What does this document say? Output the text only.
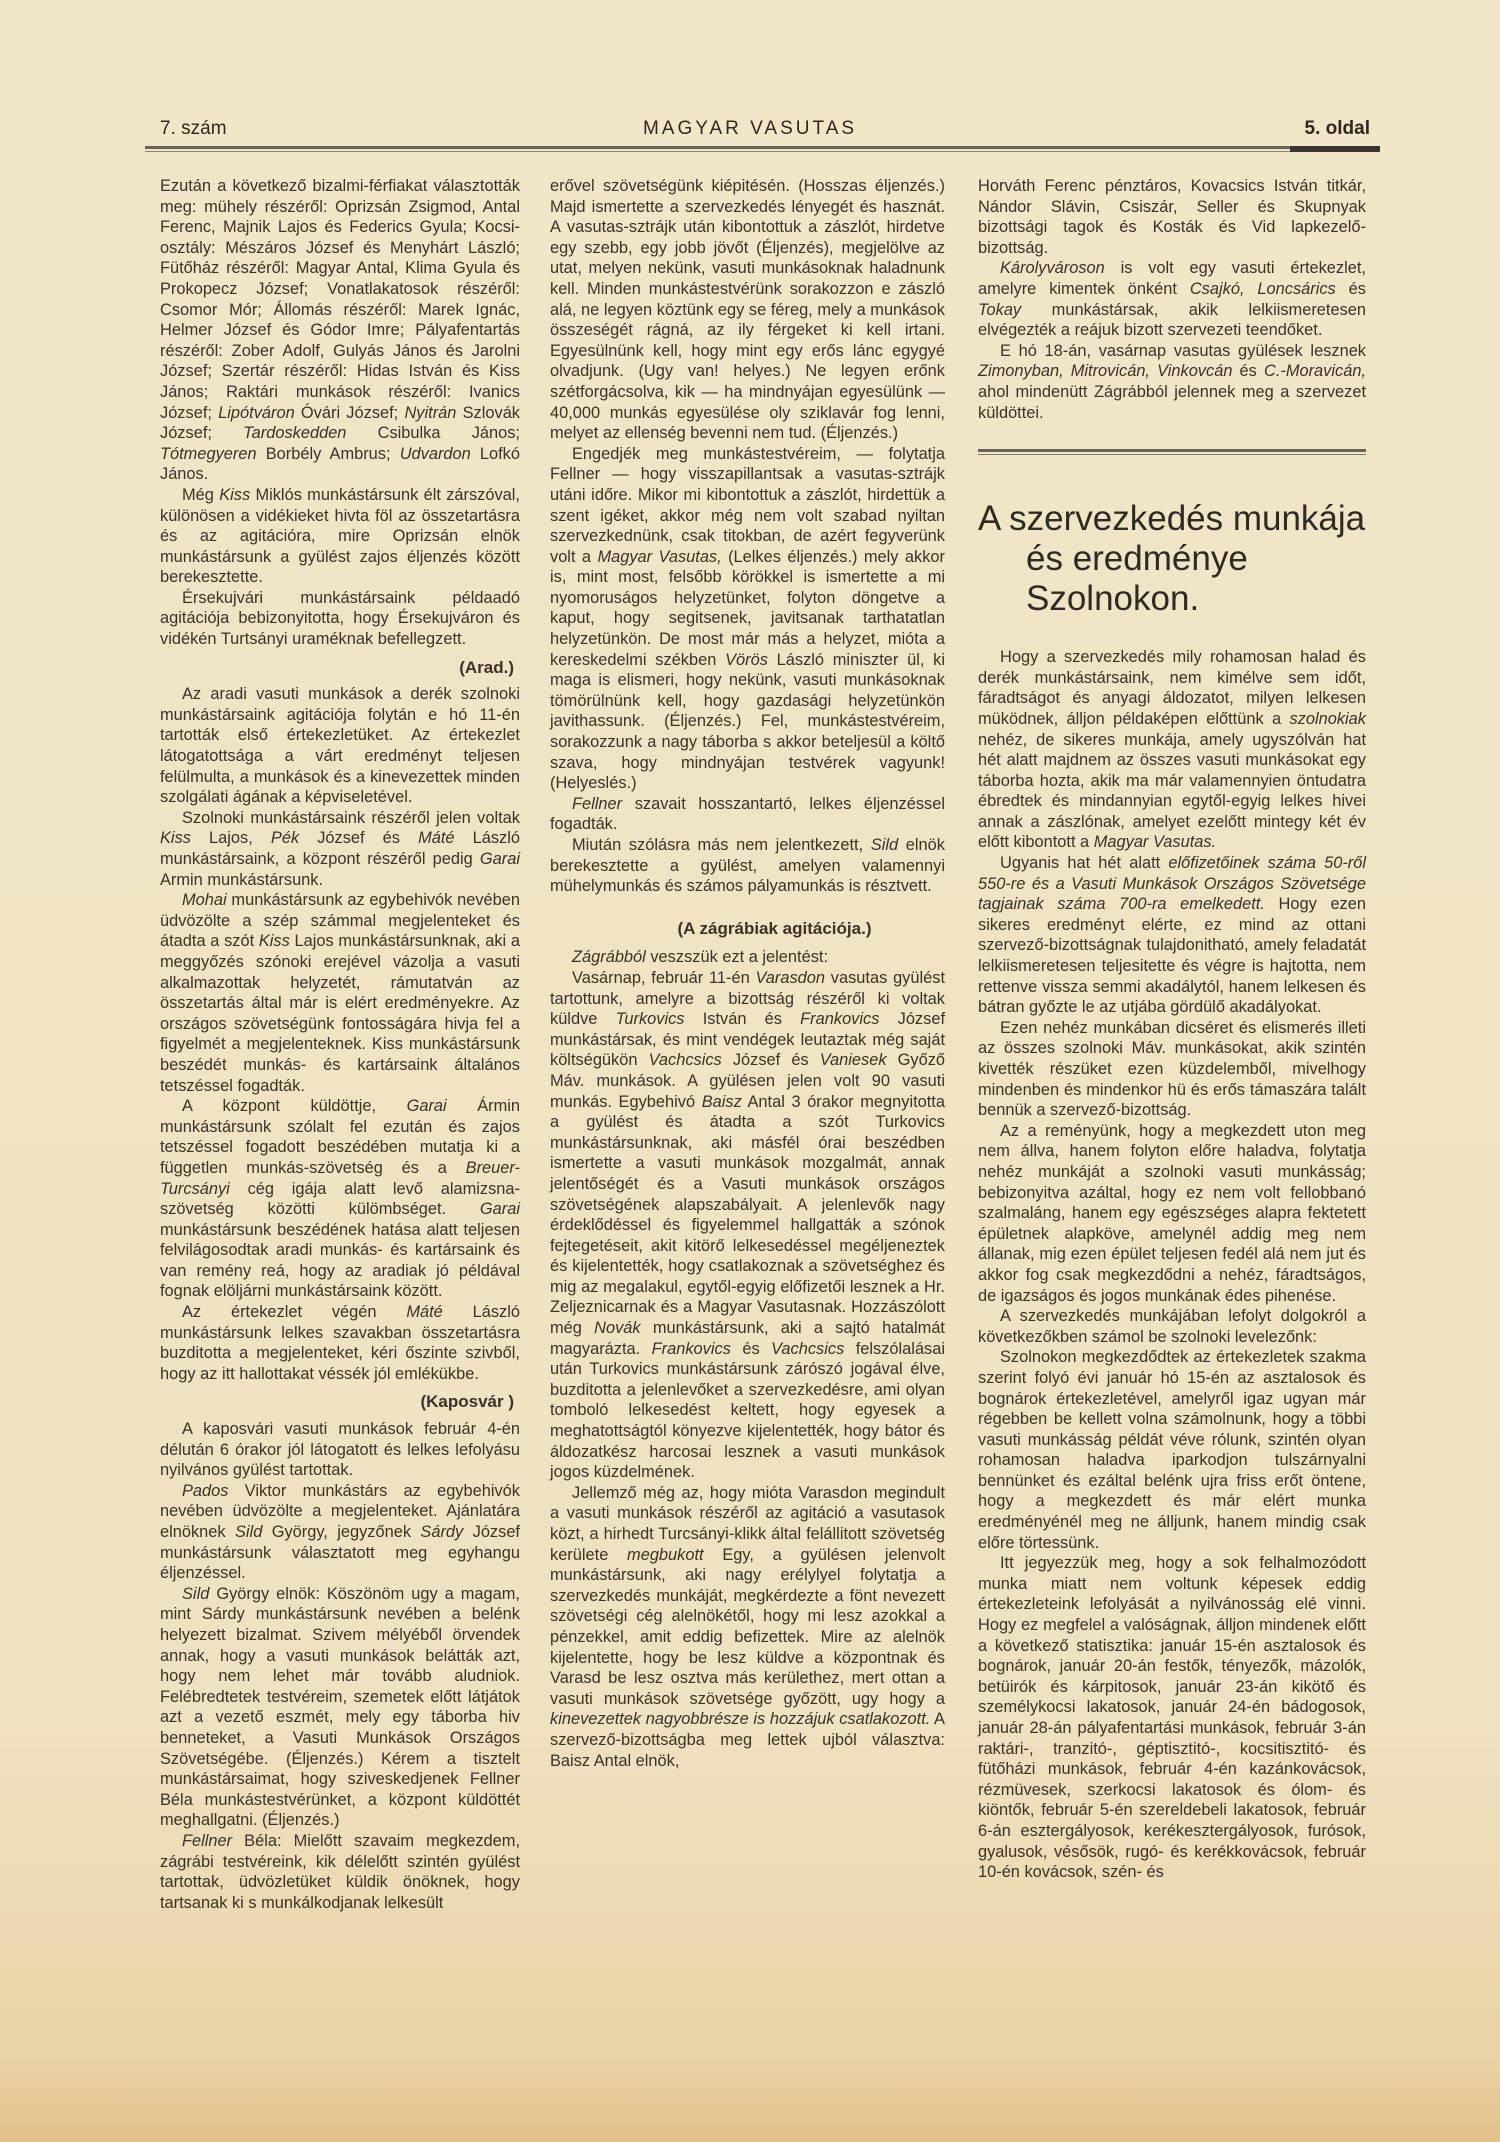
7. szám	MAGYAR VASUTAS	5. oldal

Ezután a következő bizalmi-férfiakat választották meg: mühely részéről: Oprizsán Zsigmod, Antal Ferenc, Majnik Lajos és Federics Gyula; Kocsi-osztály: Mészáros József és Menyhárt László; Fütőház részéről: Magyar Antal, Klima Gyula és Prokopecz József; Vonatlakatosok részéről: Csomor Mór; Állomás részéről: Marek Ignác, Helmer József és Gódor Imre; Pályafentartás részéről: Zober Adolf, Gulyás János és Jarolni József; Szertár részéről: Hidas István és Kiss János; Raktári munkások részéről: Ivanics József; Lipótváron Óvári József; Nyitrán Szlovák József; Tardoskedden Csibulka János; Tótmegyeren Borbély Ambrus; Udvardon Lofkó János.

Még Kiss Miklós munkástársunk élt zárszóval, különösen a vidékieket hivta föl az összetartásra és az agitációra, mire Oprizsán elnök munkástársunk a gyülést zajos éljenzés között berekesztette.

Érsekujvári munkástársaink példaadó agitációja bebizonyitotta, hogy Érsekujváron és vidékén Turtsányi uraméknak befellegzett.

(Arad.)

Az aradi vasuti munkások a derék szolnoki munkástársaink agitációja folytán e hó 11-én tartották első értekezletüket. Az értekezlet látogatottsága a várt eredményt teljesen felülmulta, a munkások és a kinevezettek minden szolgálati ágának a képviseletével.

Szolnoki munkástársaink részéről jelen voltak Kiss Lajos, Pék József és Máté László munkástársaink, a központ részéről pedig Garai Armin munkástársunk.

Mohai munkástársunk az egybehivók nevében üdvözölte a szép számmal megjelenteket és átadta a szót Kiss Lajos munkástársunknak, aki a meggyőzés szónoki erejével vázolja a vasuti alkalmazottak helyzetét, rámutatván az összetartás által már is elért eredményekre. Az országos szövetségünk fontosságára hivja fel a figyelmét a megjelenteknek. Kiss munkástársunk beszédét munkás- és kartársaink általános tetszéssel fogadták.

A központ küldöttje, Garai Ármin munkástársunk szólalt fel ezután és zajos tetszéssel fogadott beszédében mutatja ki a független munkás-szövetség és a Breuer-Turcsányi cég igája alatt levő alamizsna-szövetség közötti külömbséget. Garai munkástársunk beszédének hatása alatt teljesen felvilágosodtak aradi munkás- és kartársaink és van remény reá, hogy az aradiak jó példával fognak elöljárni munkástársaink között.

Az értekezlet végén Máté László munkástársunk lelkes szavakban összetartásra buzditotta a megjelenteket, kéri őszinte szivből, hogy az itt hallottakat véssék jól emlékükbe.

(Kaposvár )

A kaposvári vasuti munkások február 4-én délután 6 órakor jól látogatott és lelkes lefolyásu nyilvános gyülést tartottak.

Pados Viktor munkástárs az egybehivók nevében üdvözölte a megjelenteket. Ajánlatára elnöknek Sild György, jegyzőnek Sárdy József munkástársunk választatott meg egyhangu éljenzéssel.

Sild György elnök: Köszönöm ugy a magam, mint Sárdy munkástársunk nevében a belénk helyezett bizalmat. Szivem mélyéből örvendek annak, hogy a vasuti munkások belátták azt, hogy nem lehet már tovább aludniok. Felébredtetek testvéreim, szemetek előtt látjátok azt a vezető eszmét, mely egy táborba hiv benneteket, a Vasuti Munkások Országos Szövetségébe. (Éljenzés.) Kérem a tisztelt munkástársaimat, hogy sziveskedjenek Fellner Béla munkástestvérünket, a központ küldöttét meghallgatni. (Éljenzés.)

Fellner Béla: Mielőtt szavaim megkezdem, zágrábi testvéreink, kik délelőtt szintén gyülést tartottak, üdvözletüket küldik önöknek, hogy tartsanak ki s munkálkodjanak lelkesült

erővel szövetségünk kiépitésén. (Hosszas éljenzés.) Majd ismertette a szervezkedés lényegét és hasznát. A vasutas-sztrájk után kibontottuk a zászlót, hirdetve egy szebb, egy jobb jövőt (Éljenzés), megjelölve az utat, melyen nekünk, vasuti munkásoknak haladnunk kell. Minden munkástestvérünk sorakozzon e zászló alá, ne legyen köztünk egy se féreg, mely a munkások összeségét rágná, az ily férgeket ki kell irtani. Egyesülnünk kell, hogy mint egy erős lánc egygyé olvadjunk. (Ugy van! helyes.) Ne legyen erőnk szétforgácsolva, kik — ha mindnyájan egyesülünk — 40,000 munkás egyesülése oly sziklavár fog lenni, melyet az ellenség bevenni nem tud. (Éljenzés.)

Engedjék meg munkástestvéreim, — folytatja Fellner — hogy visszapillantsak a vasutas-sztrájk utáni időre. Mikor mi kibontottuk a zászlót, hirdettük a szent igéket, akkor még nem volt szabad nyiltan szervezkednünk, csak titokban, de azért fegyverünk volt a Magyar Vasutas, (Lelkes éljenzés.) mely akkor is, mint most, felsőbb körökkel is ismertette a mi nyomoruságos helyzetünket, folyton döngetve a kaput, hogy segitsenek, javitsanak tarthatatlan helyzetünkön. De most már más a helyzet, mióta a kereskedelmi székben Vörös László miniszter ül, ki maga is elismeri, hogy nekünk, vasuti munkásoknak tömörülnünk kell, hogy gazdasági helyzetünkön javithassunk. (Éljenzés.) Fel, munkástestvéreim, sorakozzunk a nagy táborba s akkor beteljesül a költő szava, hogy mindnyájan testvérek vagyunk! (Helyeslés.)

Fellner szavait hosszantartó, lelkes éljenzéssel fogadták.

Miután szólásra más nem jelentkezett, Sild elnök berekesztette a gyülést, amelyen valamennyi mühelymunkás és számos pályamunkás is résztvett.

(A zágrábiak agitációja.)

Zágrábból veszszük ezt a jelentést:

Vasárnap, február 11-én Varasdon vasutas gyülést tartottunk, amelyre a bizottság részéről ki voltak küldve Turkovics István és Frankovics József munkástársak, és mint vendégek leutaztak még saját költségükön Vachcsics József és Vaniesek Győző Máv. munkások. A gyülésen jelen volt 90 vasuti munkás. Egybehivó Baisz Antal 3 órakor megnyitotta a gyülést és átadta a szót Turkovics munkástársunknak, aki másfél órai beszédben ismertette a vasuti munkások mozgalmát, annak jelentőségét és a Vasuti munkások országos szövetségének alapszabályait. A jelenlevők nagy érdeklődéssel és figyelemmel hallgatták a szónok fejtegetéseit, akit kitörő lelkesedéssel megéljeneztek és kijelentették, hogy csatlakoznak a szövetséghez és mig az megalakul, egytől-egyig előfizetői lesznek a Hr. Zeljeznicarnak és a Magyar Vasutasnak. Hozzászólott még Novák munkástársunk, aki a sajtó hatalmát magyarázta. Frankovics és Vachcsics felszólalásai után Turkovics munkástársunk zárószó jogával élve, buzditotta a jelenlevőket a szervezkedésre, ami olyan tomboló lelkesedést keltett, hogy egyesek a meghatottságtól könyezve kijelentették, hogy bátor és áldozatkész harcosai lesznek a vasuti munkások jogos küzdelmének.

Jellemző még az, hogy mióta Varasdon megindult a vasuti munkások részéről az agitáció a vasutasok közt, a hirhedt Turcsányi-klikk által felállitott szövetség kerülete megbukott Egy, a gyülésen jelenvolt munkástársunk, aki nagy erélylyel folytatja a szervezkedés munkáját, megkérdezte a fönt nevezett szövetségi cég alelnökétől, hogy mi lesz azokkal a pénzekkel, amit eddig befizettek. Mire az alelnök kijelentette, hogy be lesz küldve a központnak és Varasd be lesz osztva más kerülethez, mert ottan a vasuti munkások szövetsége győzött, ugy hogy a kinevezettek nagyobbrésze is hozzájuk csatlakozott. A szervező-bizottságba meg lettek ujból választva: Baisz Antal elnök,

Horváth Ferenc pénztáros, Kovacsics István titkár, Nándor Slávin, Csiszár, Seller és Skupnyak bizottsági tagok és Kosták és Vid lapkezelő-bizottság.

Károlyvároson is volt egy vasuti értekezlet, amelyre kimentek önként Csajkó, Loncsárics és Tokay munkástársak, akik lelkiismeretesen elvégezték a reájuk bizott szervezeti teendőket.

E hó 18-án, vasárnap vasutas gyülések lesznek Zimonyban, Mitrovicán, Vinkovcán és C.-Moravicán, ahol mindenütt Zágrábból jelennek meg a szervezet küldöttei.

A szervezkedés munkája
és eredménye Szolnokon.

Hogy a szervezkedés mily rohamosan halad és derék munkástársaink, nem kimélve sem időt, fáradtságot és anyagi áldozatot, milyen lelkesen müködnek, álljon példaképen előttünk a szolnokiak nehéz, de sikeres munkája, amely ugyszólván hat hét alatt majdnem az összes vasuti munkásokat egy táborba hozta, akik ma már valamennyien öntudatra ébredtek és mindannyian egytől-egyig lelkes hivei annak a zászlónak, amelyet ezelőtt mintegy két év előtt kibontott a Magyar Vasutas.

Ugyanis hat hét alatt előfizetőinek száma 50-ről 550-re és a Vasuti Munkások Országos Szövetsége tagjainak száma 700-ra emelkedett. Hogy ezen sikeres eredményt elérte, ez mind az ottani szervező-bizottságnak tulajdonitható, amely feladatát lelkiismeretesen teljesitette és végre is hajtotta, nem rettenve vissza semmi akadálytól, hanem lelkesen és bátran győzte le az utjába gördülő akadályokat.

Ezen nehéz munkában dicséret és elismerés illeti az összes szolnoki Máv. munkásokat, akik szintén kivették részüket ezen küzdelemből, mivelhogy mindenben és mindenkor hü és erős támaszára talált bennük a szervező-bizottság.

Az a reményünk, hogy a megkezdett uton meg nem állva, hanem folyton előre haladva, folytatja nehéz munkáját a szolnoki vasuti munkásság; bebizonyitva azáltal, hogy ez nem volt fellobbanó szalmaláng, hanem egy egészséges alapra fektetett épületnek alapköve, amelynél addig meg nem állanak, mig ezen épület teljesen fedél alá nem jut és akkor fog csak megkezdődni a nehéz, fáradtságos, de igazságos és jogos munkának édes pihenése.

A szervezkedés munkájában lefolyt dolgokról a következőkben számol be szolnoki levelezőnk:

Szolnokon megkezdődtek az értekezletek szakma szerint folyó évi január hó 15-én az asztalosok és bognárok értekezletével, amelyről igaz ugyan már régebben be kellett volna számolnunk, hogy a többi vasuti munkásság példát véve rólunk, szintén olyan rohamosan haladva iparkodjon tulszárnyalni bennünket és ezáltal belénk ujra friss erőt öntene, hogy a megkezdett és már elért munka eredményénél meg ne álljunk, hanem mindig csak előre törtessünk.

Itt jegyezzük meg, hogy a sok felhalmozódott munka miatt nem voltunk képesek eddig értekezleteink lefolyását a nyilvánosság elé vinni. Hogy ez megfelel a valóságnak, álljon mindenek előtt a következő statisztika: január 15-én asztalosok és bognárok, január 20-án festők, tényezők, mázolók, betüirók és kárpitosok, január 23-án kikötő és személykocsi lakatosok, január 24-én bádogosok, január 28-án pályafentartási munkások, február 3-án raktári-, tranzitó-, géptisztitó-, kocsitisztitó- és fütőházi munkások, február 4-én kazánkovácsok, rézmüvesek, szerkocsi lakatosok és ólom- és kiöntők, február 5-én szereldebeli lakatosok, február 6-án esztergályosok, kerékesztergályosok, furósok, gyalusok, vésősök, rugó- és kerékkovácsok, február 10-én kovácsok, szén- és
